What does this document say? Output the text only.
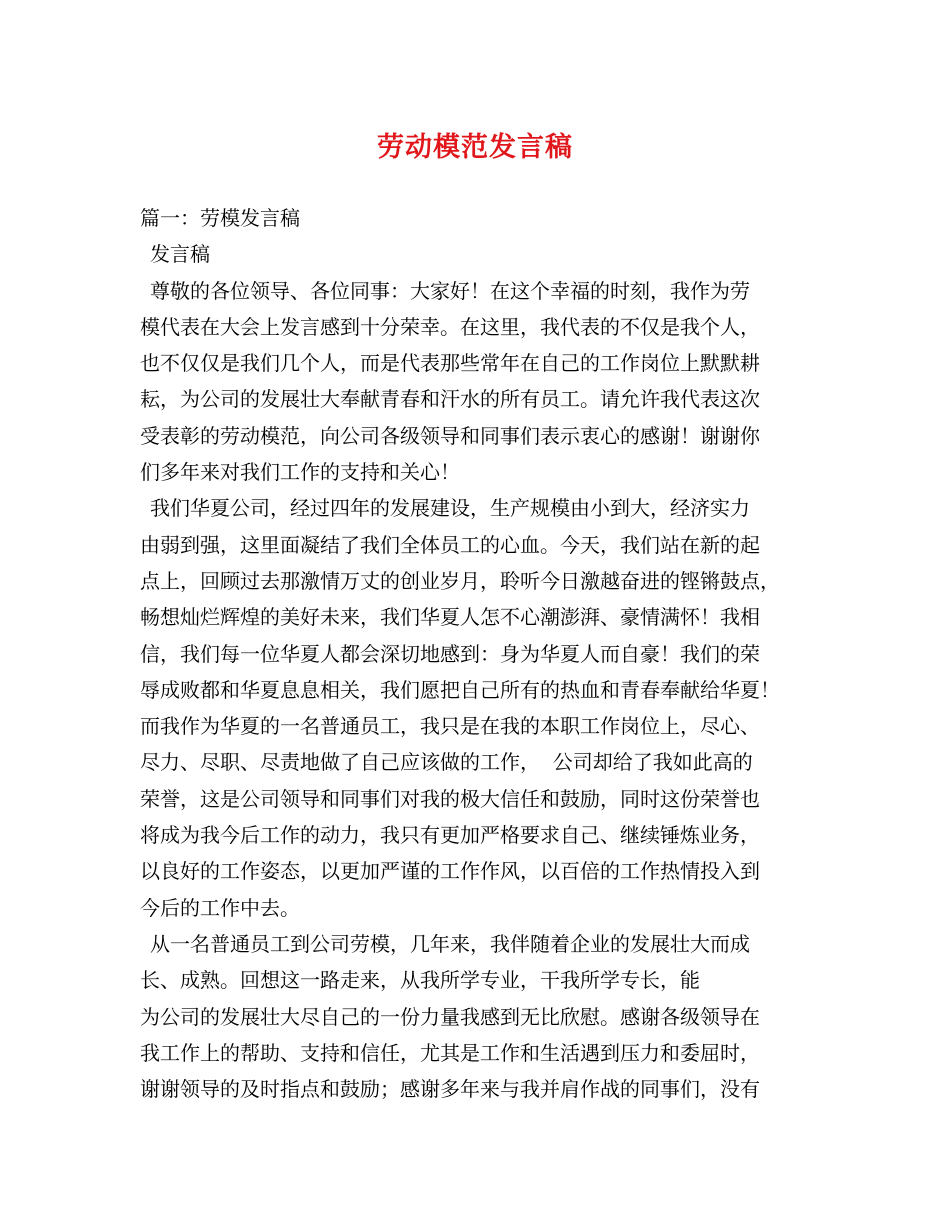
劳动模范发言稿
篇一：劳模发言稿
发言稿
尊敬的各位领导、各位同事：大家好！在这个幸福的时刻，我作为劳
模代表在大会上发言感到十分荣幸。在这里，我代表的不仅是我个人，
也不仅仅是我们几个人，而是代表那些常年在自己的工作岗位上默默耕
耘，为公司的发展壮大奉献青春和汗水的所有员工。请允许我代表这次
受表彰的劳动模范，向公司各级领导和同事们表示衷心的感谢！谢谢你
们多年来对我们工作的支持和关心！
我们华夏公司，经过四年的发展建设，生产规模由小到大，经济实力
由弱到强，这里面凝结了我们全体员工的心血。今天，我们站在新的起
点上，回顾过去那激情万丈的创业岁月，聆听今日激越奋进的铿锵鼓点，
畅想灿烂辉煌的美好未来，我们华夏人怎不心潮澎湃、豪情满怀！我相
信，我们每一位华夏人都会深切地感到：身为华夏人而自豪！我们的荣
辱成败都和华夏息息相关，我们愿把自己所有的热血和青春奉献给华夏！
而我作为华夏的一名普通员工，我只是在我的本职工作岗位上，尽心、
尽力、尽职、尽责地做了自己应该做的工作，  公司却给了我如此高的
荣誉，这是公司领导和同事们对我的极大信任和鼓励，同时这份荣誉也
将成为我今后工作的动力，我只有更加严格要求自己、继续锤炼业务，
以良好的工作姿态，以更加严谨的工作作风，以百倍的工作热情投入到
今后的工作中去。
从一名普通员工到公司劳模，几年来，我伴随着企业的发展壮大而成
长、成熟。回想这一路走来，从我所学专业，干我所学专长，能
为公司的发展壮大尽自己的一份力量我感到无比欣慰。感谢各级领导在
我工作上的帮助、支持和信任，尤其是工作和生活遇到压力和委屈时，
谢谢领导的及时指点和鼓励；感谢多年来与我并肩作战的同事们，没有
